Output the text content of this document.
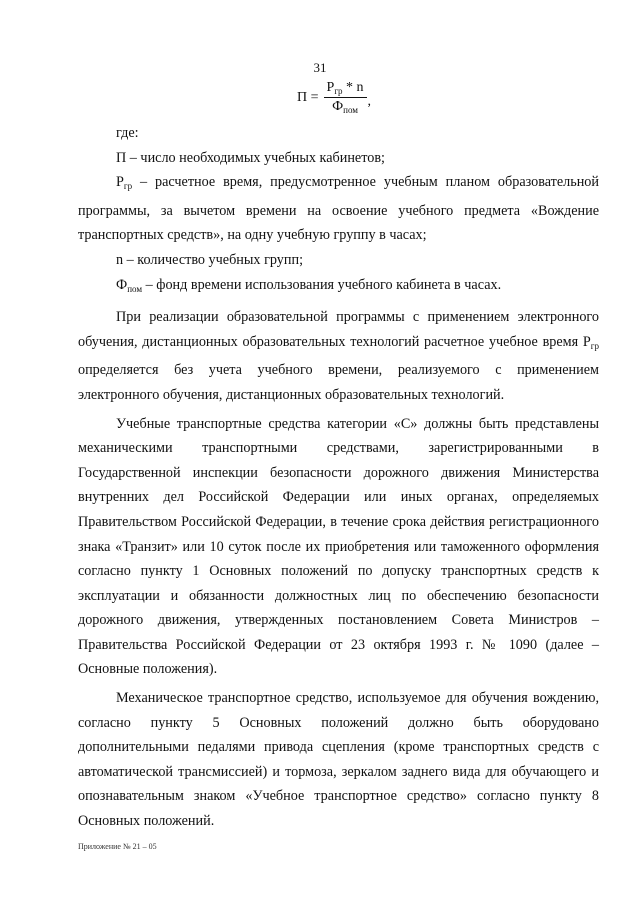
31
$П = \frac{Р_{гр} * n}{Ф_{пом}}$ ,

где:

П – число необходимых учебных кабинетов;

$Р_{гр}$ – расчетное время, предусмотренное учебным планом образовательной программы, за вычетом времени на освоение учебного предмета «Вождение транспортных средств», на одну учебную группу в часах;

n – количество учебных групп;

$Ф_{пом}$ – фонд времени использования учебного кабинета в часах.

При реализации образовательной программы с применением электронного обучения, дистанционных образовательных технологий расчетное учебное время $Р_{гр}$ определяется без учета учебного времени, реализуемого с применением электронного обучения, дистанционных образовательных технологий.

Учебные транспортные средства категории «С» должны быть представлены механическими транспортными средствами, зарегистрированными в Государственной инспекции безопасности дорожного движения Министерства внутренних дел Российской Федерации или иных органах, определяемых Правительством Российской Федерации, в течение срока действия регистрационного знака «Транзит» или 10 суток после их приобретения или таможенного оформления согласно пункту 1 Основных положений по допуску транспортных средств к эксплуатации и обязанности должностных лиц по обеспечению безопасности дорожного движения, утвержденных постановлением Совета Министров – Правительства Российской Федерации от 23 октября 1993 г. № 1090 (далее – Основные положения).

Механическое транспортное средство, используемое для обучения вождению, согласно пункту 5 Основных положений должно быть оборудовано дополнительными педалями привода сцепления (кроме транспортных средств с автоматической трансмиссией) и тормоза, зеркалом заднего вида для обучающего и опознавательным знаком «Учебное транспортное средство» согласно пункту 8 Основных положений.

Приложение № 21 – 05
